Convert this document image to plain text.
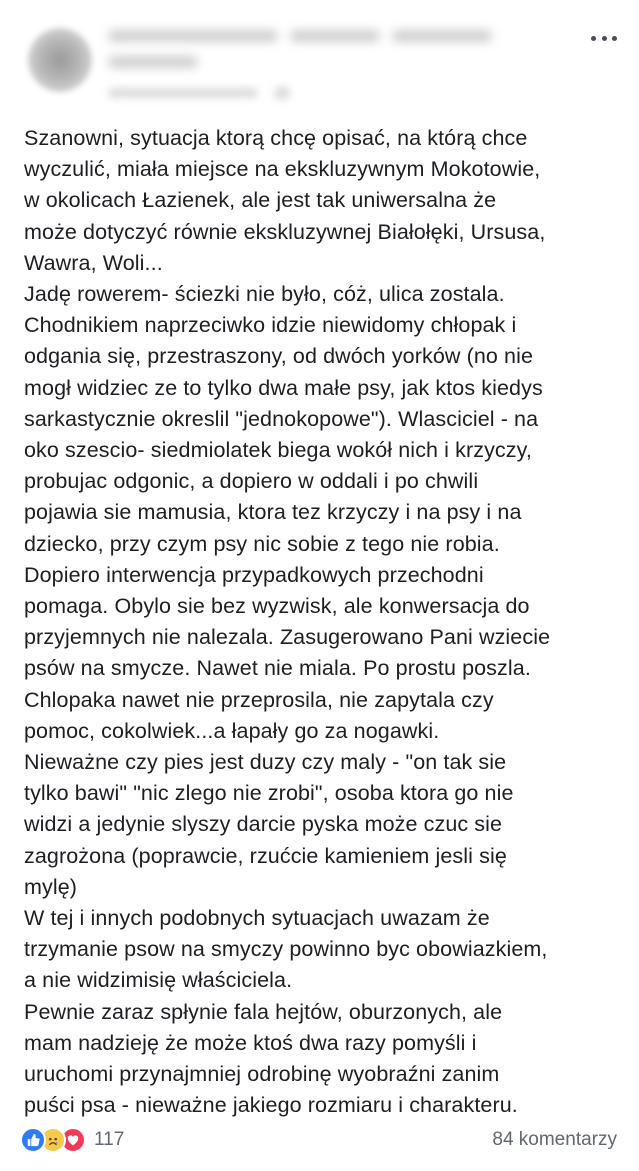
Szanowni, sytuacja ktorą chcę opisać, na którą chce
wyczulić, miała miejsce na ekskluzywnym Mokotowie,
w okolicach Łazienek, ale jest tak uniwersalna że
może dotyczyć równie ekskluzywnej Białołęki, Ursusa,
Wawra, Woli...
Jadę rowerem- ściezki nie było, cóż, ulica zostala.
Chodnikiem naprzeciwko idzie niewidomy chłopak i
odgania się, przestraszony, od dwóch yorków (no nie
mogł widziec ze to tylko dwa małe psy, jak ktos kiedys
sarkastycznie okreslil "jednokopowe"). Wlasciciel - na
oko szescio- siedmiolatek biega wokół nich i krzyczy,
probujac odgonic, a dopiero w oddali i po chwili
pojawia sie mamusia, ktora tez krzyczy i na psy i na
dziecko, przy czym psy nic sobie z tego nie robia.
Dopiero interwencja przypadkowych przechodni
pomaga. Obylo sie bez wyzwisk, ale konwersacja do
przyjemnych nie nalezala. Zasugerowano Pani wziecie
psów na smycze. Nawet nie miala. Po prostu poszla.
Chlopaka nawet nie przeprosila, nie zapytala czy
pomoc, cokolwiek...a łapały go za nogawki.
Nieważne czy pies jest duzy czy maly - "on tak sie
tylko bawi" "nic zlego nie zrobi", osoba ktora go nie
widzi a jedynie slyszy darcie pyska może czuc sie
zagrożona (poprawcie, rzućcie kamieniem jesli się
mylę)
W tej i innych podobnych sytuacjach uwazam że
trzymanie psow na smyczy powinno byc obowiazkiem,
a nie widzimisię właściciela.
Pewnie zaraz spłynie fala hejtów, oburzonych, ale
mam nadzieję że może ktoś dwa razy pomyśli i
uruchomi przynajmniej odrobinę wyobraźni zanim
puści psa - nieważne jakiego rozmiaru i charakteru.
117	84 komentarzy
